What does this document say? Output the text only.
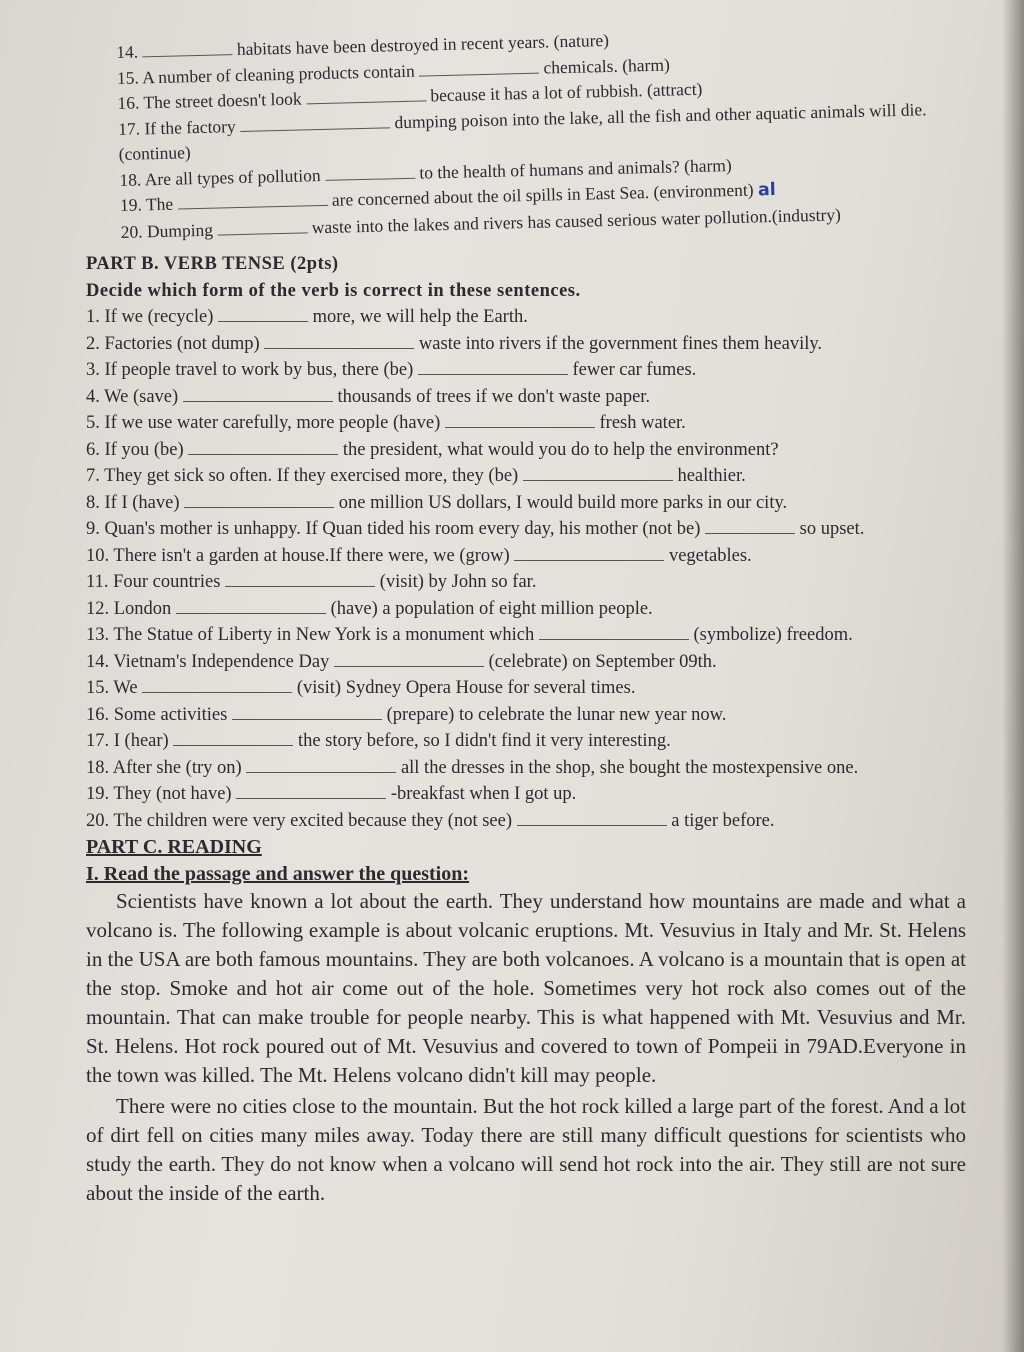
14.	habitats have been destroyed in recent years. (nature)
15. A number of cleaning products contain	chemicals. (harm)
16. The street doesn't look	because it has a lot of rubbish. (attract)
17. If the factory	dumping poison into the lake, all the fish and other aquatic animals will die. (continue)
18. Are all types of pollution	to the health of humans and animals? (harm)
19. The	are concerned about the oil spills in East Sea. (environment) al
20. Dumping	waste into the lakes and rivers has caused serious water pollution.(industry)
PART B. VERB TENSE (2pts)
Decide which form of the verb is correct in these sentences.
1. If we (recycle)	more, we will help the Earth.
2. Factories (not dump)	waste into rivers if the government fines them heavily.
3. If people travel to work by bus, there (be)	fewer car fumes.
4. We (save)	thousands of trees if we don't waste paper.
5. If we use water carefully, more people (have)	fresh water.
6. If you (be)	the president, what would you do to help the environment?
7. They get sick so often. If they exercised more, they (be)	healthier.
8. If I (have)	one million US dollars, I would build more parks in our city.
9. Quan's mother is unhappy. If Quan tided his room every day, his mother (not be)	so upset.
10. There isn't a garden at house.If there were, we (grow)	vegetables.
11. Four countries	(visit) by John so far.
12. London	(have) a population of eight million people.
13. The Statue of Liberty in New York is a monument which	(symbolize) freedom.
14. Vietnam's Independence Day	(celebrate) on September 09th.
15. We	(visit) Sydney Opera House for several times.
16. Some activities	(prepare) to celebrate the lunar new year now.
17. I (hear)	the story before, so I didn't find it very interesting.
18. After she (try on)	all the dresses in the shop, she bought the mostexpensive one.
19. They (not have)	-breakfast when I got up.
20. The children were very excited because they (not see)	a tiger before.
PART C. READING
I. Read the passage and answer the question:

Scientists have known a lot about the earth. They understand how mountains are made and what a volcano is. The following example is about volcanic eruptions. Mt. Vesuvius in Italy and Mr. St. Helens in the USA are both famous mountains. They are both volcanoes. A volcano is a mountain that is open at the stop. Smoke and hot air come out of the hole. Sometimes very hot rock also comes out of the mountain. That can make trouble for people nearby. This is what happened with Mt. Vesuvius and Mr. St. Helens. Hot rock poured out of Mt. Vesuvius and covered to town of Pompeii in 79AD.Everyone in the town was killed. The Mt. Helens volcano didn't kill may people.

There were no cities close to the mountain. But the hot rock killed a large part of the forest. And a lot of dirt fell on cities many miles away. Today there are still many difficult questions for scientists who study the earth. They do not know when a volcano will send hot rock into the air. They still are not sure about the inside of the earth.
